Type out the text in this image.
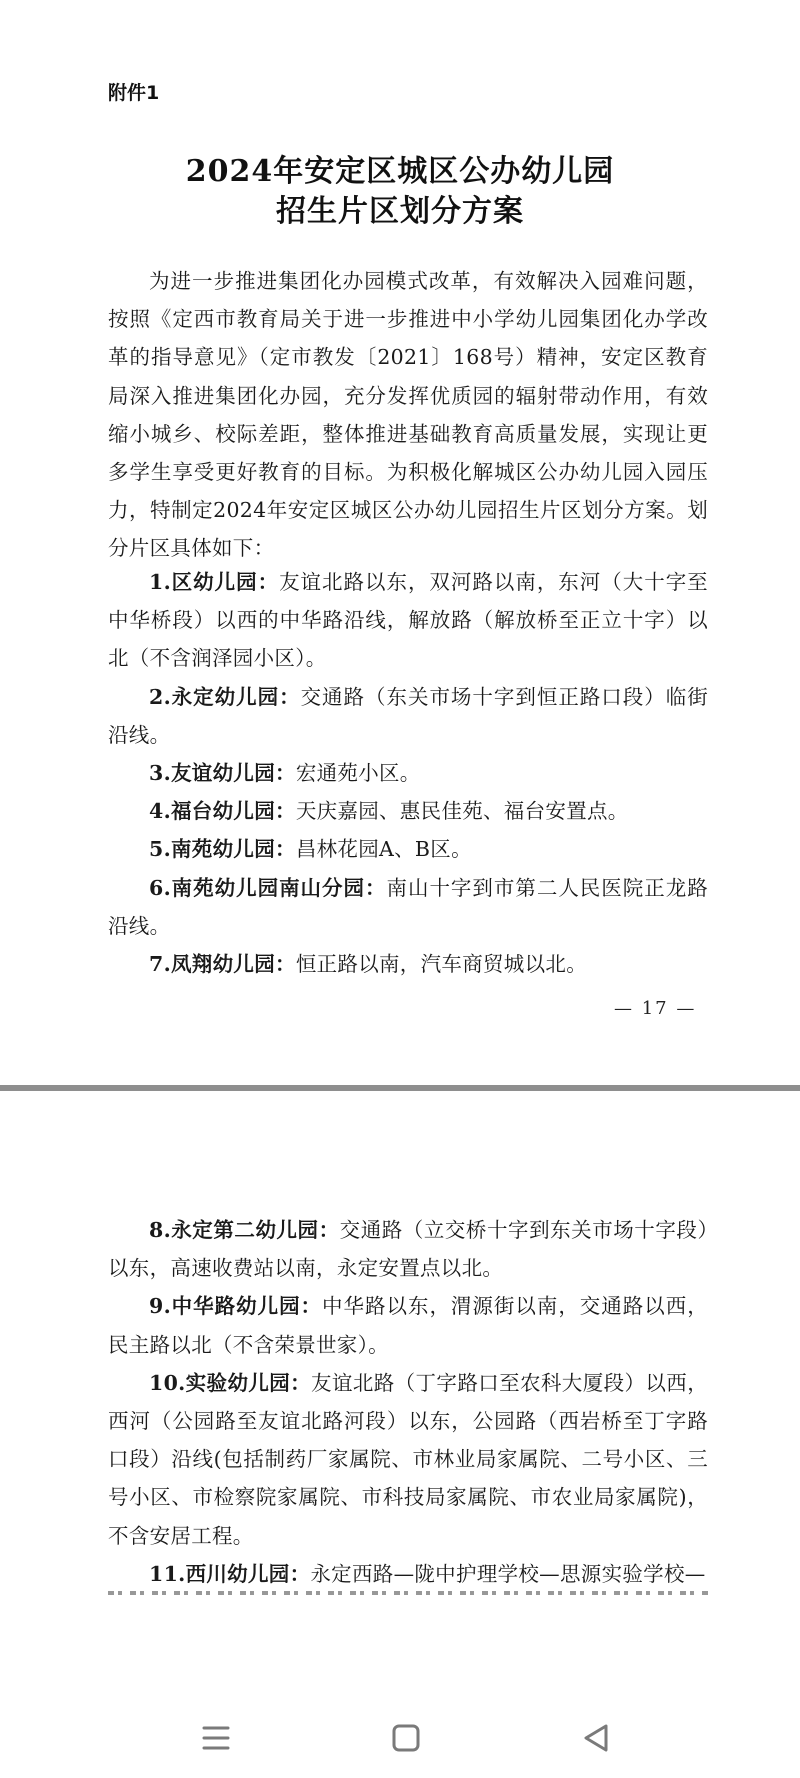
附件1
2024年安定区城区公办幼儿园
招生片区划分方案

为进一步推进集团化办园模式改革，有效解决入园难问题，按照《定西市教育局关于进一步推进中小学幼儿园集团化办学改革的指导意见》（定市教发〔2021〕168号）精神，安定区教育局深入推进集团化办园，充分发挥优质园的辐射带动作用，有效缩小城乡、校际差距，整体推进基础教育高质量发展，实现让更多学生享受更好教育的目标。为积极化解城区公办幼儿园入园压力，特制定2024年安定区城区公办幼儿园招生片区划分方案。划分片区具体如下：

1.区幼儿园：友谊北路以东，双河路以南，东河（大十字至中华桥段）以西的中华路沿线，解放路（解放桥至正立十字）以北（不含润泽园小区）。

2.永定幼儿园：交通路（东关市场十字到恒正路口段）临街沿线。

3.友谊幼儿园：宏通苑小区。

4.福台幼儿园：天庆嘉园、惠民佳苑、福台安置点。

5.南苑幼儿园：昌林花园A、B区。

6.南苑幼儿园南山分园：南山十字到市第二人民医院正龙路沿线。

7.凤翔幼儿园：恒正路以南，汽车商贸城以北。

— 17 —

8.永定第二幼儿园：交通路（立交桥十字到东关市场十字段）以东，高速收费站以南，永定安置点以北。

9.中华路幼儿园：中华路以东，渭源街以南，交通路以西，民主路以北（不含荣景世家）。

10.实验幼儿园：友谊北路（丁字路口至农科大厦段）以西，西河（公园路至友谊北路河段）以东，公园路（西岩桥至丁字路口段）沿线(包括制药厂家属院、市林业局家属院、二号小区、三号小区、市检察院家属院、市科技局家属院、市农业局家属院)，不含安居工程。

11.西川幼儿园：永定西路—陇中护理学校—思源实验学校—
